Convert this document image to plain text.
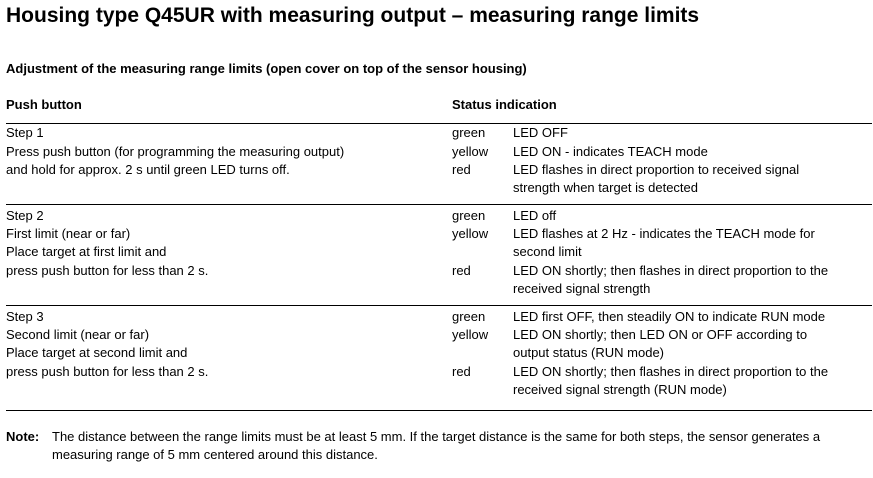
Housing type Q45UR with measuring output – measuring range limits
Adjustment of the measuring range limits (open cover on top of the sensor housing)
Push button	Status indication
Step 1
Press push button (for programming the measuring output)
and hold for approx. 2 s until green LED turns off.
green
yellow
red
LED OFF
LED ON - indicates TEACH mode
LED flashes in direct proportion to received signal
strength when target is detected
Step 2
First limit (near or far)
Place target at first limit and
press push button for less than 2 s.
green
yellow
red
LED off
LED flashes at 2 Hz - indicates the TEACH mode for
second limit
LED ON shortly; then flashes in direct proportion to the
received signal strength
Step 3
Second limit (near or far)
Place target at second limit and
press push button for less than 2 s.
green
yellow
red
LED first OFF, then steadily ON to indicate RUN mode
LED ON shortly; then LED ON or OFF according to
output status (RUN mode)
LED ON shortly; then flashes in direct proportion to the
received signal strength (RUN mode)
Note: The distance between the range limits must be at least 5 mm. If the target distance is the same for both steps, the sensor generates a measuring range of 5 mm centered around this distance.
